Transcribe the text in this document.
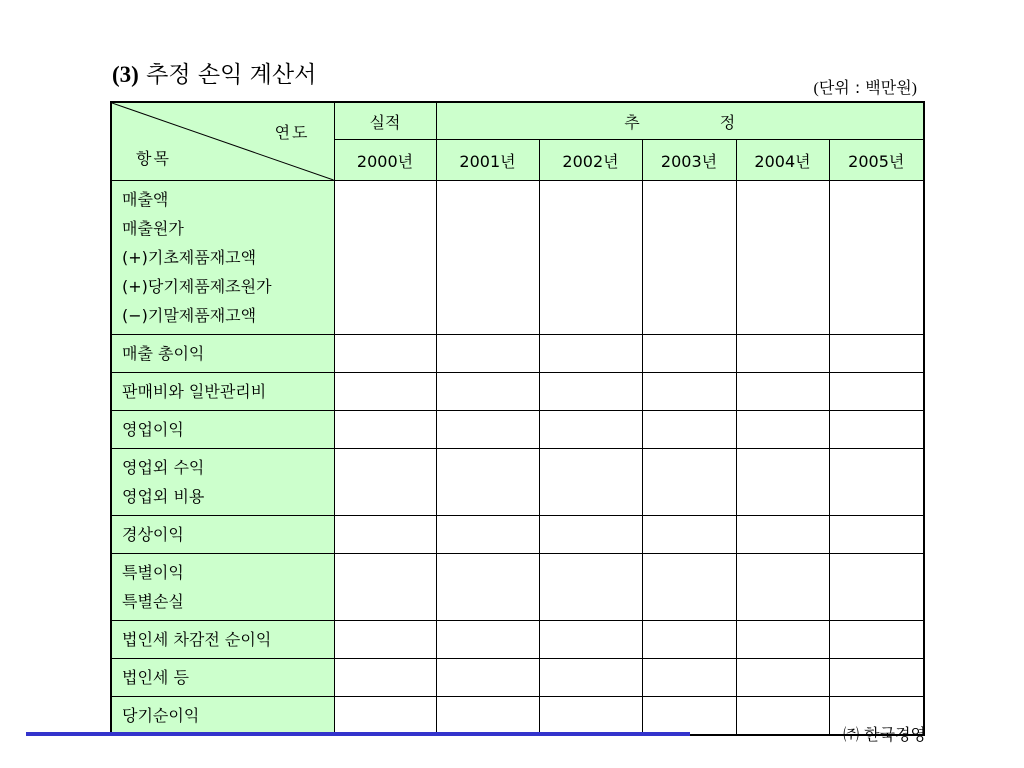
(3) 추정 손익 계산서
(단위 : 백만원)
연도
항목	실적	추 정				
	2000년	2001년	2002년	2003년	2004년	2005년

매출액
매출원가
(+)기초제품재고액
(+)당기제품제조원가
(−)기말제품재고액						

매출 총이익						

판매비와 일반관리비						

영업이익						

영업외 수익
영업외 비용						

경상이익						

특별이익
특별손실						

법인세 차감전 순이익						

법인세 등						

당기순이익						

㈜ 한국경영
